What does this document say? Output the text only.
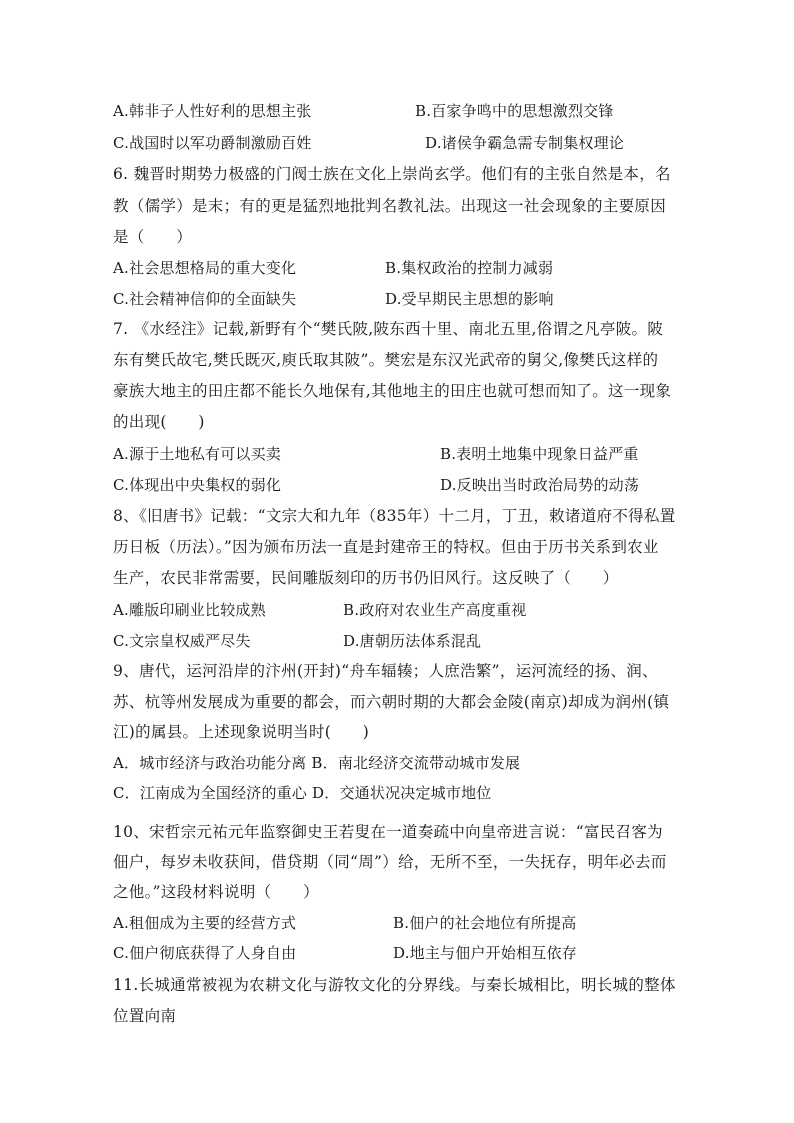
A.韩非子人性好利的思想主张	B.百家争鸣中的思想激烈交锋
C.战国时以军功爵制激励百姓	D.诸侯争霸急需专制集权理论
6. 魏晋时期势力极盛的门阀士族在文化上崇尚玄学。他们有的主张自然是本，名
教（儒学）是末；有的更是猛烈地批判名教礼法。出现这一社会现象的主要原因
是（　　）
A.社会思想格局的重大变化	B.集权政治的控制力减弱
C.社会精神信仰的全面缺失	D.受早期民主思想的影响
7. 《水经注》记载,新野有个“樊氏陂,陂东西十里、南北五里,俗谓之凡亭陂。陂
东有樊氏故宅,樊氏既灭,庾氏取其陂”。樊宏是东汉光武帝的舅父,像樊氏这样的
豪族大地主的田庄都不能长久地保有,其他地主的田庄也就可想而知了。这一现象
的出现(　　)
A.源于土地私有可以买卖	B.表明土地集中现象日益严重
C.体现出中央集权的弱化	D.反映出当时政治局势的动荡
8、《旧唐书》记载：“文宗大和九年（835年）十二月，丁丑，敕诸道府不得私置
历日板（历法）。”因为颁布历法一直是封建帝王的特权。但由于历书关系到农业
生产，农民非常需要，民间雕版刻印的历书仍旧风行。这反映了（　　）
A.雕版印刷业比较成熟	B.政府对农业生产高度重视
C.文宗皇权威严尽失	D.唐朝历法体系混乱
9、唐代，运河沿岸的汴州(开封)“舟车辐辏；人庶浩繁”，运河流经的扬、润、
苏、杭等州发展成为重要的都会，而六朝时期的大都会金陵(南京)却成为润州(镇
江)的属县。上述现象说明当时(　　)
A．城市经济与政治功能分离 B．南北经济交流带动城市发展
C．江南成为全国经济的重心 D．交通状况决定城市地位
10、宋哲宗元祐元年监察御史王若叟在一道奏疏中向皇帝进言说：“富民召客为
佃户，每岁未收获间，借贷期（同“周”）给，无所不至，一失抚存，明年必去而
之他。”这段材料说明（　　）
A.租佃成为主要的经营方式	B.佃户的社会地位有所提高
C.佃户彻底获得了人身自由	D.地主与佃户开始相互依存
11.长城通常被视为农耕文化与游牧文化的分界线。与秦长城相比，明长城的整体
位置向南
